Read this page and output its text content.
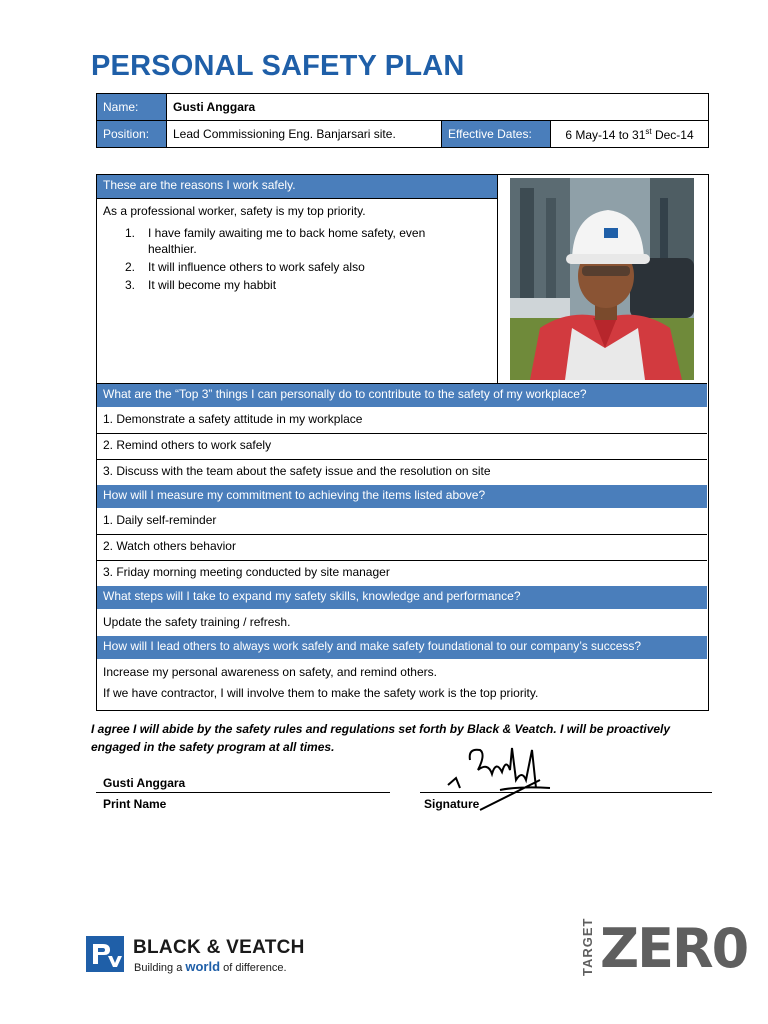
PERSONAL SAFETY PLAN
Name:	Gusti Anggara		
Position:	Lead Commissioning Eng. Banjarsari site.	Effective Dates:	6 May-14 to 31st Dec-14
These are the reasons I work safely.
As a professional worker, safety is my top priority.
1.	I have family awaiting me to back home safety, even healthier.
2.	It will influence others to work safely also
3.	It will become my habbit
What are the “Top 3” things I can personally do to contribute to the safety of my workplace?
1. Demonstrate a safety attitude in my workplace
2. Remind others to work safely
3. Discuss with the team about the safety issue and the resolution on site
How will I measure my commitment to achieving the items listed above?
1. Daily self-reminder
2. Watch others behavior
3. Friday morning meeting conducted by site manager
What steps will I take to expand my safety skills, knowledge and performance?
Update the safety training / refresh.
How will I lead others to always work safely and make safety foundational to our company’s success?
Increase my personal awareness on safety, and remind others.
If we have contractor, I will involve them to make the safety work is the top priority.
I agree I will abide by the safety rules and regulations set forth by Black & Veatch. I will be proactively engaged in the safety program at all times.
Gusti Anggara
Print Name	Signature
BLACK & VEATCH
Building a world of difference.	TARGET ZER0
